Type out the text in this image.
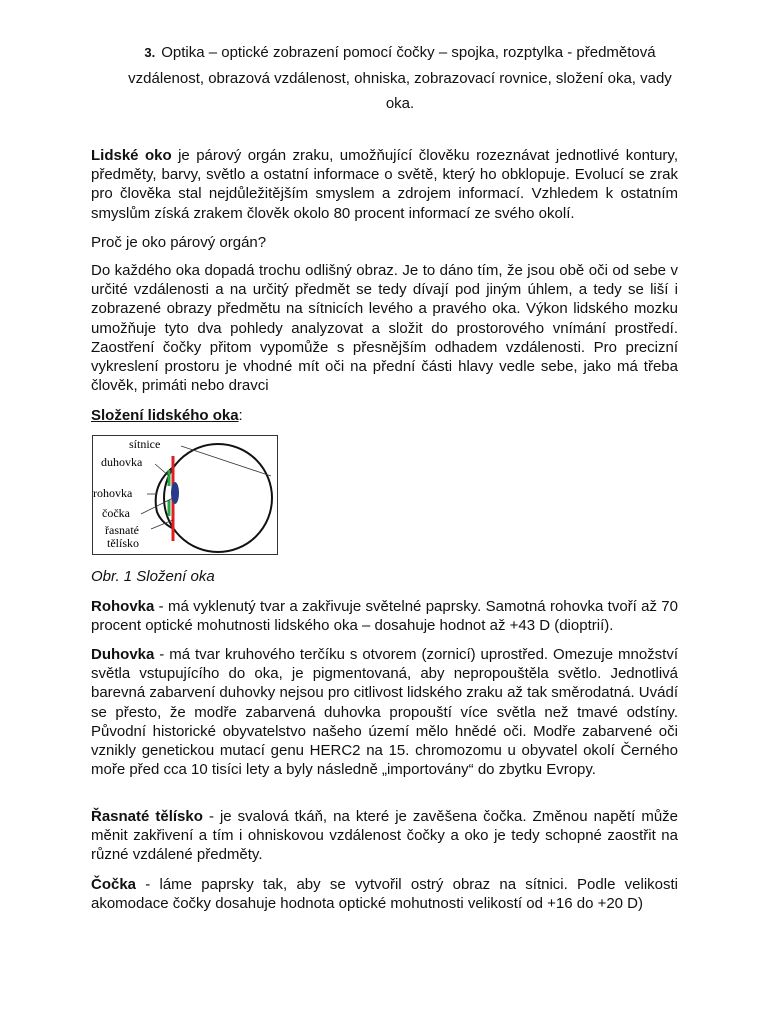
3. Optika – optické zobrazení pomocí čočky – spojka, rozptylka - předmětová vzdálenost, obrazová vzdálenost, ohniska, zobrazovací rovnice, složení oka, vady oka.

Lidské oko je párový orgán zraku, umožňující člověku rozeznávat jednotlivé kontury, předměty, barvy, světlo a ostatní informace o světě, který ho obklopuje. Evolucí se zrak pro člověka stal nejdůležitějším smyslem a zdrojem informací. Vzhledem k ostatním smyslům získá zrakem člověk okolo 80 procent informací ze svého okolí.

Proč je oko párový orgán?

Do každého oka dopadá trochu odlišný obraz. Je to dáno tím, že jsou obě oči od sebe v určité vzdálenosti a na určitý předmět se tedy dívají pod jiným úhlem, a tedy se liší i zobrazené obrazy předmětu na sítnicích levého a pravého oka. Výkon lidského mozku umožňuje tyto dva pohledy analyzovat a složit do prostorového vnímání prostředí. Zaostření čočky přitom vypomůže s přesnějším odhadem vzdálenosti. Pro precizní vykreslení prostoru je vhodné mít oči na přední části hlavy vedle sebe, jako má třeba člověk, primáti nebo dravci

Složení lidského oka:

sítnice
duhovka
rohovka
čočka
řasnaté
tělísko

Obr. 1 Složení oka

Rohovka - má vyklenutý tvar a zakřivuje světelné paprsky. Samotná rohovka tvoří až 70 procent optické mohutnosti lidského oka – dosahuje hodnot až +43 D (dioptrií).

Duhovka - má tvar kruhového terčíku s otvorem (zornicí) uprostřed. Omezuje množství světla vstupujícího do oka, je pigmentovaná, aby nepropouštěla světlo. Jednotlivá barevná zabarvení duhovky nejsou pro citlivost lidského zraku až tak směrodatná. Uvádí se přesto, že modře zabarvená duhovka propouští více světla než tmavé odstíny. Původní historické obyvatelstvo našeho území mělo hnědé oči. Modře zabarvené oči vznikly genetickou mutací genu HERC2 na 15. chromozomu u obyvatel okolí Černého moře před cca 10 tisíci lety a byly následně „importovány“ do zbytku Evropy.

Řasnaté tělísko - je svalová tkáň, na které je zavěšena čočka. Změnou napětí může měnit zakřivení a tím i ohniskovou vzdálenost čočky a oko je tedy schopné zaostřit na různé vzdálené předměty.

Čočka - láme paprsky tak, aby se vytvořil ostrý obraz na sítnici. Podle velikosti akomodace čočky dosahuje hodnota optické mohutnosti velikostí od +16 do +20 D)
